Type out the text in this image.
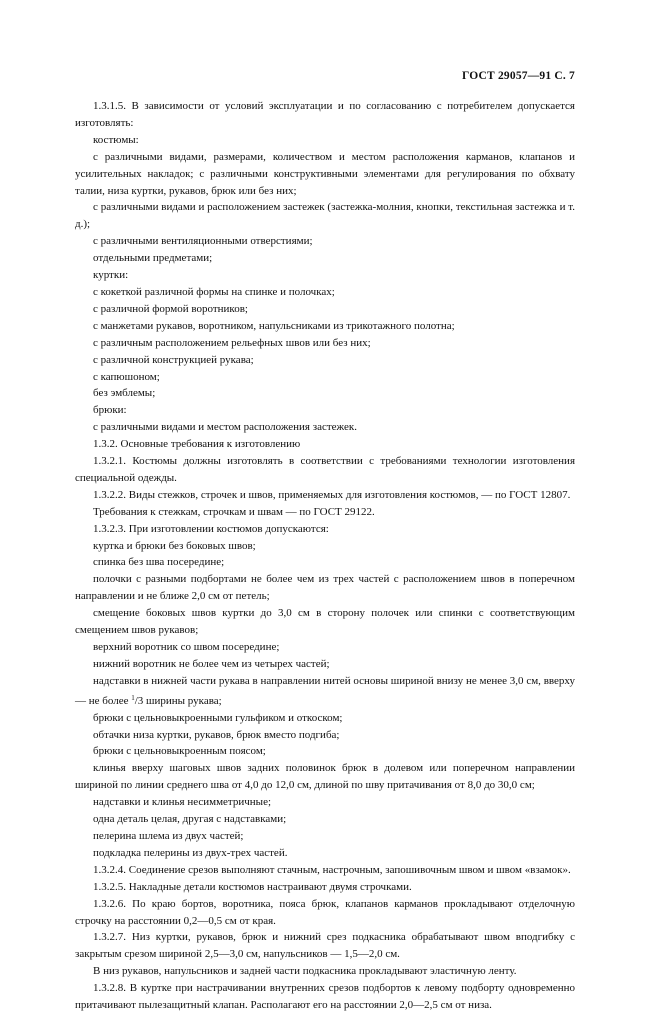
ГОСТ 29057—91 С. 7

1.3.1.5. В зависимости от условий эксплуатации и по согласованию с потребителем допускается изготовлять:

костюмы:

с различными видами, размерами, количеством и местом расположения карманов, клапанов и усилительных накладок; с различными конструктивными элементами для регулирования по обхвату талии, низа куртки, рукавов, брюк или без них;

с различными видами и расположением застежек (застежка-молния, кнопки, текстильная застежка и т. д.);

с различными вентиляционными отверстиями;

отдельными предметами;

куртки:

с кокеткой различной формы на спинке и полочках;

с различной формой воротников;

с манжетами рукавов, воротником, напульсниками из трикотажного полотна;

с различным расположением рельефных швов или без них;

с различной конструкцией рукава;

с капюшоном;

без эмблемы;

брюки:

с различными видами и местом расположения застежек.

1.3.2. Основные требования к изготовлению

1.3.2.1. Костюмы должны изготовлять в соответствии с требованиями технологии изготовления специальной одежды.

1.3.2.2. Виды стежков, строчек и швов, применяемых для изготовления костюмов, — по ГОСТ 12807.

Требования к стежкам, строчкам и швам — по ГОСТ 29122.

1.3.2.3. При изготовлении костюмов допускаются:

куртка и брюки без боковых швов;

спинка без шва посередине;

полочки с разными подбортами не более чем из трех частей с расположением швов в поперечном направлении и не ближе 2,0 см от петель;

смещение боковых швов куртки до 3,0 см в сторону полочек или спинки с соответствующим смещением швов рукавов;

верхний воротник со швом посередине;

нижний воротник не более чем из четырех частей;

надставки в нижней части рукава в направлении нитей основы шириной внизу не менее 3,0 см, вверху — не более $^1$/3 ширины рукава;

брюки с цельновыкроенными гульфиком и откоском;

обтачки низа куртки, рукавов, брюк вместо подгиба;

брюки с цельновыкроенным поясом;

клинья вверху шаговых швов задних половинок брюк в долевом или поперечном направлении шириной по линии среднего шва от 4,0 до 12,0 см, длиной по шву притачивания от 8,0 до 30,0 см;

надставки и клинья несимметричные;

одна деталь целая, другая с надставками;

пелерина шлема из двух частей;

подкладка пелерины из двух-трех частей.

1.3.2.4. Соединение срезов выполняют стачным, настрочным, запошивочным швом и швом «взамок».

1.3.2.5. Накладные детали костюмов настраивают двумя строчками.

1.3.2.6. По краю бортов, воротника, пояса брюк, клапанов карманов прокладывают отделочную строчку на расстоянии 0,2—0,5 см от края.

1.3.2.7. Низ куртки, рукавов, брюк и нижний срез подкасника обрабатывают швом вподгибку с закрытым срезом шириной 2,5—3,0 см, напульсников — 1,5—2,0 см.

В низ рукавов, напульсников и задней части подкасника прокладывают эластичную ленту.

1.3.2.8. В куртке при настрачивании внутренних срезов подбортов к левому подборту одновременно притачивают пылезащитный клапан. Располагают его на расстоянии 2,0—2,5 см от низа.
